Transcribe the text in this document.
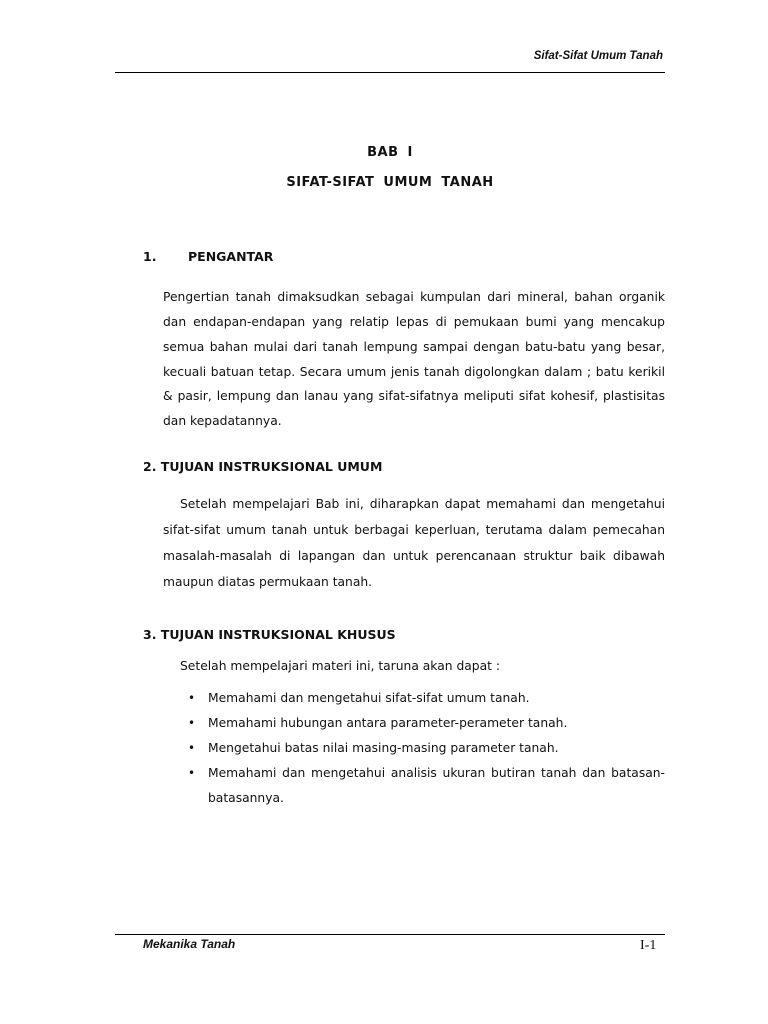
Sifat-Sifat Umum Tanah
BAB I
SIFAT-SIFAT UMUM TANAH
1.	PENGANTAR
Pengertian tanah dimaksudkan sebagai kumpulan dari mineral, bahan organik
dan endapan-endapan yang relatip lepas di pemukaan bumi yang mencakup
semua bahan mulai dari tanah lempung sampai dengan batu-batu yang besar,
kecuali batuan tetap. Secara umum jenis tanah digolongkan dalam ; batu kerikil
& pasir, lempung dan lanau yang sifat-sifatnya meliputi sifat kohesif, plastisitas
dan kepadatannya.
2. TUJUAN INSTRUKSIONAL UMUM
Setelah mempelajari Bab ini, diharapkan dapat memahami dan mengetahui
sifat-sifat umum tanah untuk berbagai keperluan, terutama dalam pemecahan
masalah-masalah di lapangan dan untuk perencanaan struktur baik dibawah
maupun diatas permukaan tanah.
3. TUJUAN INSTRUKSIONAL KHUSUS
Setelah mempelajari materi ini, taruna akan dapat :
• Memahami dan mengetahui sifat-sifat umum tanah.
• Memahami hubungan antara parameter-perameter tanah.
• Mengetahui batas nilai masing-masing parameter tanah.
• Memahami dan mengetahui analisis ukuran butiran tanah dan batasan-
batasannya.
Mekanika Tanah	I-1
